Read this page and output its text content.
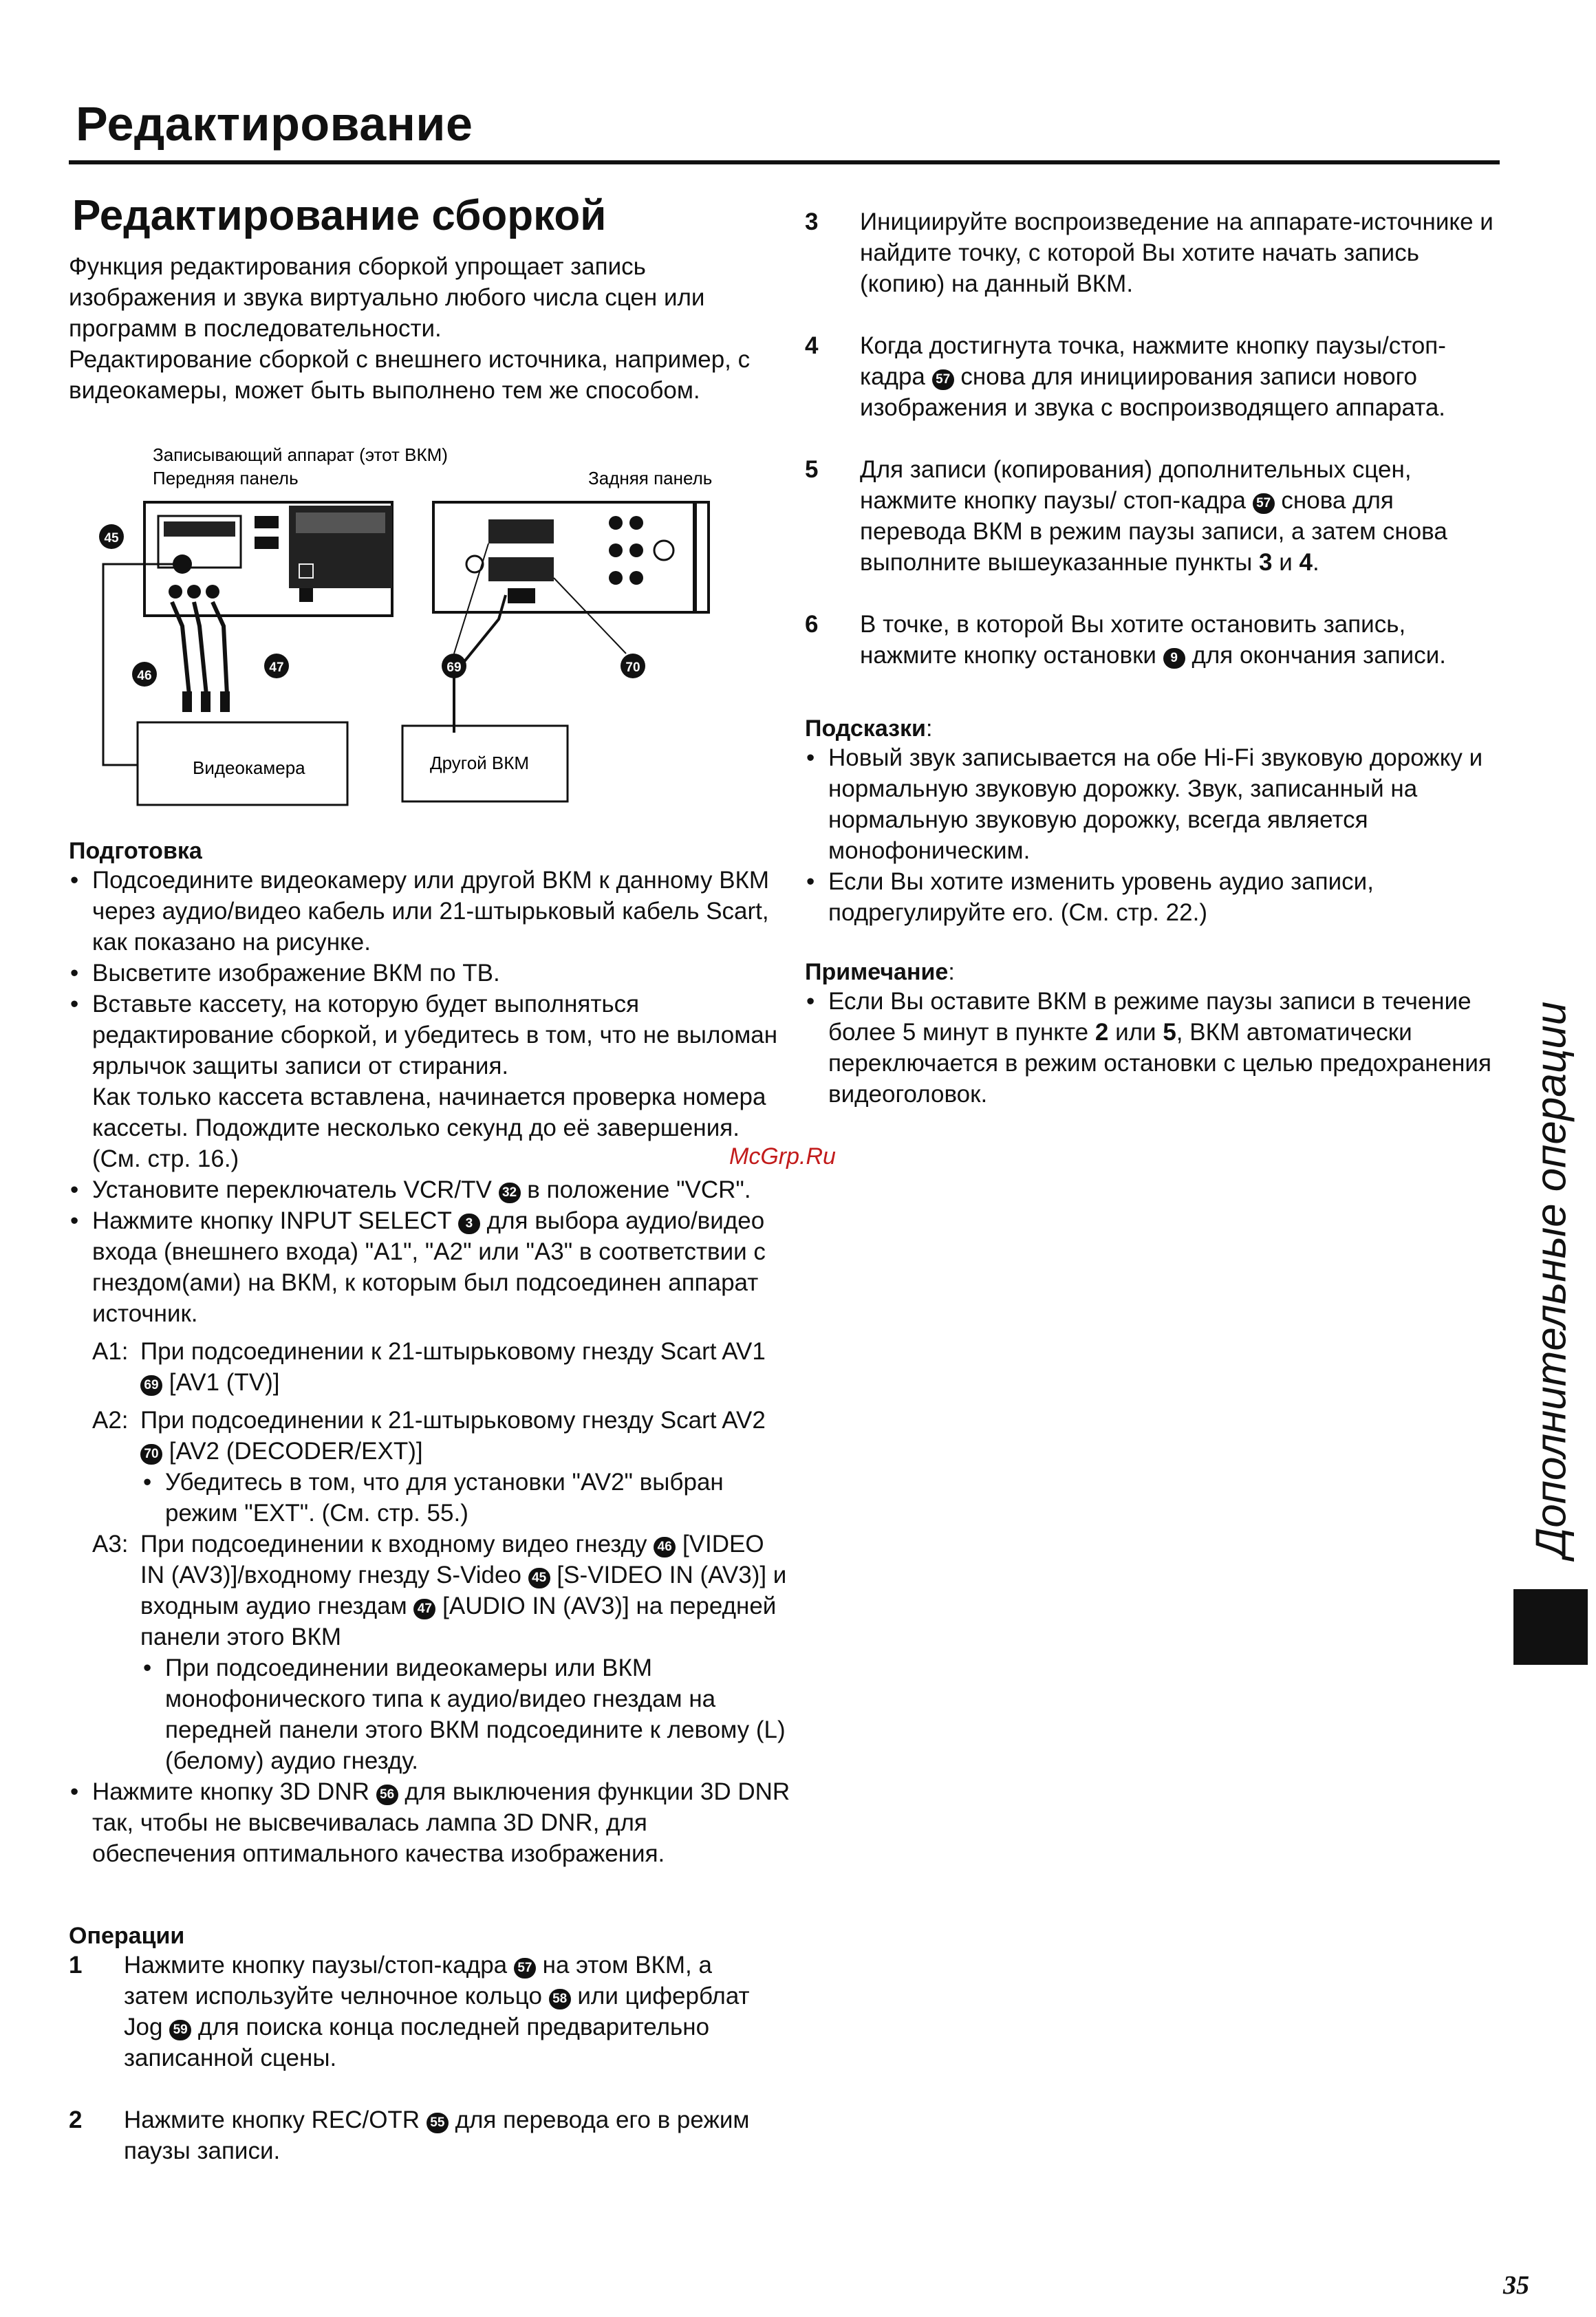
Редактирование
Редактирование сборкой

Функция редактирования сборкой упрощает запись изображения и звука виртуально любого числа сцен или программ в последовательности.

Редактирование сборкой с внешнего источника, например, с видеокамеры, может быть выполнено тем же способом.

Записывающий аппарат (этот ВКМ)
Передняя панель	Задняя панель
45
46
47
Видеокамера
69	70
Другой ВКМ
Подготовка
• Подсоедините видеокамеру или другой ВКМ к данному ВКМ через аудио/видео кабель или 21-штырьковый кабель Scart, как показано на рисунке.
• Высветите изображение ВКМ по ТВ.
• Вставьте кассету, на которую будет выполняться редактирование сборкой, и убедитесь в том, что не выломан ярлычок защиты записи от стирания.
Как только кассета вставлена, начинается проверка номера кассеты. Подождите несколько секунд до её завершения. (См. стр. 16.)
• Установите переключатель VCR/TV 32 в положение "VCR".
• Нажмите кнопку INPUT SELECT 3 для выбора аудио/видео входа (внешнего входа) "A1", "A2" или "A3" в соответствии с гнездом(ами) на ВКМ, к которым был подсоединен аппарат источник.
A1: При подсоединении к 21-штырьковому гнезду Scart AV1 69 [AV1 (TV)]
A2: При подсоединении к 21-штырьковому гнезду Scart AV2 70 [AV2 (DECODER/EXT)]
• Убедитесь в том, что для установки "AV2" выбран режим "EXT". (См. стр. 55.)
A3: При подсоединении к входному видео гнезду 46 [VIDEO IN (AV3)]/входному гнезду S-Video 45 [S-VIDEO IN (AV3)] и входным аудио гнездам 47 [AUDIO IN (AV3)] на передней панели этого ВКМ
• При подсоединении видеокамеры или ВКМ монофонического типа к аудио/видео гнездам на передней панели этого ВКМ подсоедините к левому (L) (белому) аудио гнезду.
• Нажмите кнопку 3D DNR 56 для выключения функции 3D DNR так, чтобы не высвечивалась лампа 3D DNR, для обеспечения оптимального качества изображения.
Операции
1 Нажмите кнопку паузы/стоп-кадра 57 на этом ВКМ, а затем используйте челночное кольцо 58 или циферблат Jog 59 для поиска конца последней предварительно записанной сцены.
2 Нажмите кнопку REC/OTR 55 для перевода его в режим паузы записи.
3 Инициируйте воспроизведение на аппарате-источнике и найдите точку, с которой Вы хотите начать запись (копию) на данный ВКМ.
4 Когда достигнута точка, нажмите кнопку паузы/стоп-кадра 57 снова для инициирования записи нового изображения и звука с воспроизводящего аппарата.
5 Для записи (копирования) дополнительных сцен, нажмите кнопку паузы/ стоп-кадра 57 снова для перевода ВКМ в режим паузы записи, а затем снова выполните вышеуказанные пункты 3 и 4.
6 В точке, в которой Вы хотите остановить запись, нажмите кнопку остановки 9 для окончания записи.
Подсказки:
• Новый звук записывается на обе Hi-Fi звуковую дорожку и нормальную звуковую дорожку. Звук, записанный на нормальную звуковую дорожку, всегда является монофоническим.
• Если Вы хотите изменить уровень аудио записи, подрегулируйте его. (См. стр. 22.)
Примечание:
• Если Вы оставите ВКМ в режиме паузы записи в течение более 5 минут в пункте 2 или 5, ВКМ автоматически переключается в режим остановки с целью предохранения видеоголовок.	Дополнительные операции
McGrp.Ru
35
